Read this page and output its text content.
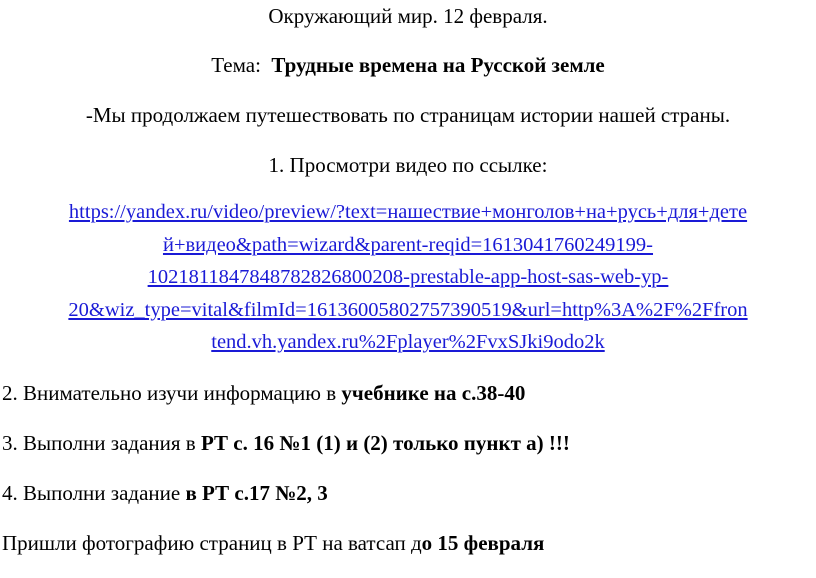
Окружающий мир. 12 февраля.
Тема: Трудные времена на Русской земле
-Мы продолжаем путешествовать по страницам истории нашей страны.
1. Просмотри видео по ссылке:
https://yandex.ru/video/preview/?text=нашествие+монголов+на+русь+для+дете
й+видео&path=wizard&parent-reqid=1613041760249199-
1021811847848782826800208-prestable-app-host-sas-web-yp-
20&wiz_type=vital&filmId=16136005802757390519&url=http%3A%2F%2Ffron
tend.vh.yandex.ru%2Fplayer%2FvxSJki9odo2k
2. Внимательно изучи информацию в учебнике на с.38-40
3. Выполни задания в РТ с. 16 №1 (1) и (2) только пункт а) !!!
4. Выполни задание в РТ с.17 №2, 3
Пришли фотографию страниц в РТ на ватсап до 15 февраля
